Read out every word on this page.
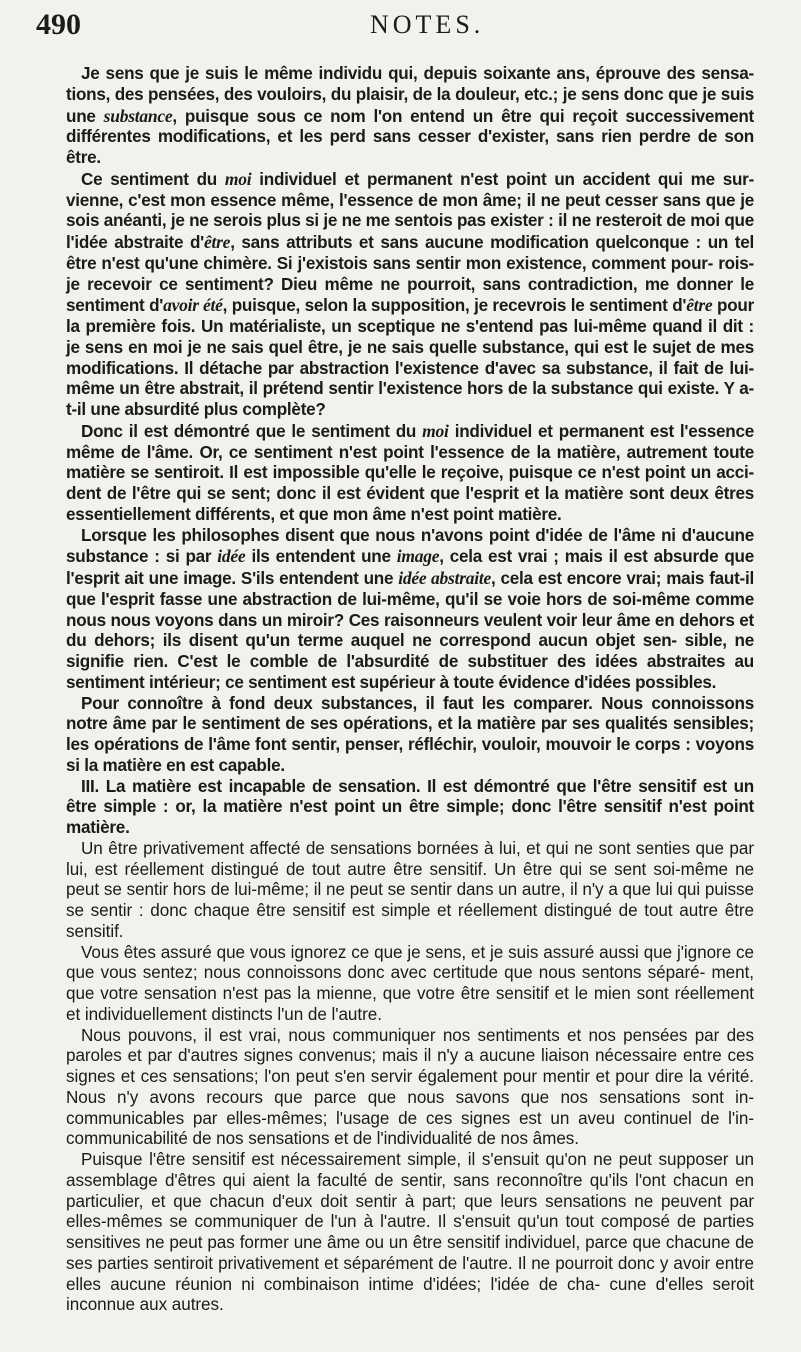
490	NOTES.

Je sens que je suis le même individu qui, depuis soixante ans, éprouve des sensa- tions, des pensées, des vouloirs, du plaisir, de la douleur, etc.; je sens donc que je suis une substance, puisque sous ce nom l'on entend un être qui reçoit successivement différentes modifications, et les perd sans cesser d'exister, sans rien perdre de son être.

Ce sentiment du moi individuel et permanent n'est point un accident qui me sur- vienne, c'est mon essence même, l'essence de mon âme; il ne peut cesser sans que je sois anéanti, je ne serois plus si je ne me sentois pas exister : il ne resteroit de moi que l'idée abstraite d'être, sans attributs et sans aucune modification quelconque : un tel être n'est qu'une chimère. Si j'existois sans sentir mon existence, comment pour- rois-je recevoir ce sentiment? Dieu même ne pourroit, sans contradiction, me donner le sentiment d'avoir été, puisque, selon la supposition, je recevrois le sentiment d'être pour la première fois. Un matérialiste, un sceptique ne s'entend pas lui-même quand il dit : je sens en moi je ne sais quel être, je ne sais quelle substance, qui est le sujet de mes modifications. Il détache par abstraction l'existence d'avec sa substance, il fait de lui-même un être abstrait, il prétend sentir l'existence hors de la substance qui existe. Y a-t-il une absurdité plus complète?

Donc il est démontré que le sentiment du moi individuel et permanent est l'essence même de l'âme. Or, ce sentiment n'est point l'essence de la matière, autrement toute matière se sentiroit. Il est impossible qu'elle le reçoive, puisque ce n'est point un acci- dent de l'être qui se sent; donc il est évident que l'esprit et la matière sont deux êtres essentiellement différents, et que mon âme n'est point matière.

Lorsque les philosophes disent que nous n'avons point d'idée de l'âme ni d'aucune substance : si par idée ils entendent une image, cela est vrai ; mais il est absurde que l'esprit ait une image. S'ils entendent une idée abstraite, cela est encore vrai; mais faut-il que l'esprit fasse une abstraction de lui-même, qu'il se voie hors de soi-même comme nous nous voyons dans un miroir? Ces raisonneurs veulent voir leur âme en dehors et du dehors; ils disent qu'un terme auquel ne correspond aucun objet sen- sible, ne signifie rien. C'est le comble de l'absurdité de substituer des idées abstraites au sentiment intérieur; ce sentiment est supérieur à toute évidence d'idées possibles.

Pour connoître à fond deux substances, il faut les comparer. Nous connoissons notre âme par le sentiment de ses opérations, et la matière par ses qualités sensibles; les opérations de l'âme font sentir, penser, réfléchir, vouloir, mouvoir le corps : voyons si la matière en est capable.

III. La matière est incapable de sensation. Il est démontré que l'être sensitif est un être simple : or, la matière n'est point un être simple; donc l'être sensitif n'est point matière.

Un être privativement affecté de sensations bornées à lui, et qui ne sont senties que par lui, est réellement distingué de tout autre être sensitif. Un être qui se sent soi-même ne peut se sentir hors de lui-même; il ne peut se sentir dans un autre, il n'y a que lui qui puisse se sentir : donc chaque être sensitif est simple et réellement distingué de tout autre être sensitif.

Vous êtes assuré que vous ignorez ce que je sens, et je suis assuré aussi que j'ignore ce que vous sentez; nous connoissons donc avec certitude que nous sentons séparé- ment, que votre sensation n'est pas la mienne, que votre être sensitif et le mien sont réellement et individuellement distincts l'un de l'autre.

Nous pouvons, il est vrai, nous communiquer nos sentiments et nos pensées par des paroles et par d'autres signes convenus; mais il n'y a aucune liaison nécessaire entre ces signes et ces sensations; l'on peut s'en servir également pour mentir et pour dire la vérité. Nous n'y avons recours que parce que nous savons que nos sensations sont in- communicables par elles-mêmes; l'usage de ces signes est un aveu continuel de l'in- communicabilité de nos sensations et de l'individualité de nos âmes.

Puisque l'être sensitif est nécessairement simple, il s'ensuit qu'on ne peut supposer un assemblage d'êtres qui aient la faculté de sentir, sans reconnoître qu'ils l'ont chacun en particulier, et que chacun d'eux doit sentir à part; que leurs sensations ne peuvent par elles-mêmes se communiquer de l'un à l'autre. Il s'ensuit qu'un tout composé de parties sensitives ne peut pas former une âme ou un être sensitif individuel, parce que chacune de ses parties sentiroit privativement et séparément de l'autre. Il ne pourroit donc y avoir entre elles aucune réunion ni combinaison intime d'idées; l'idée de cha- cune d'elles seroit inconnue aux autres.
